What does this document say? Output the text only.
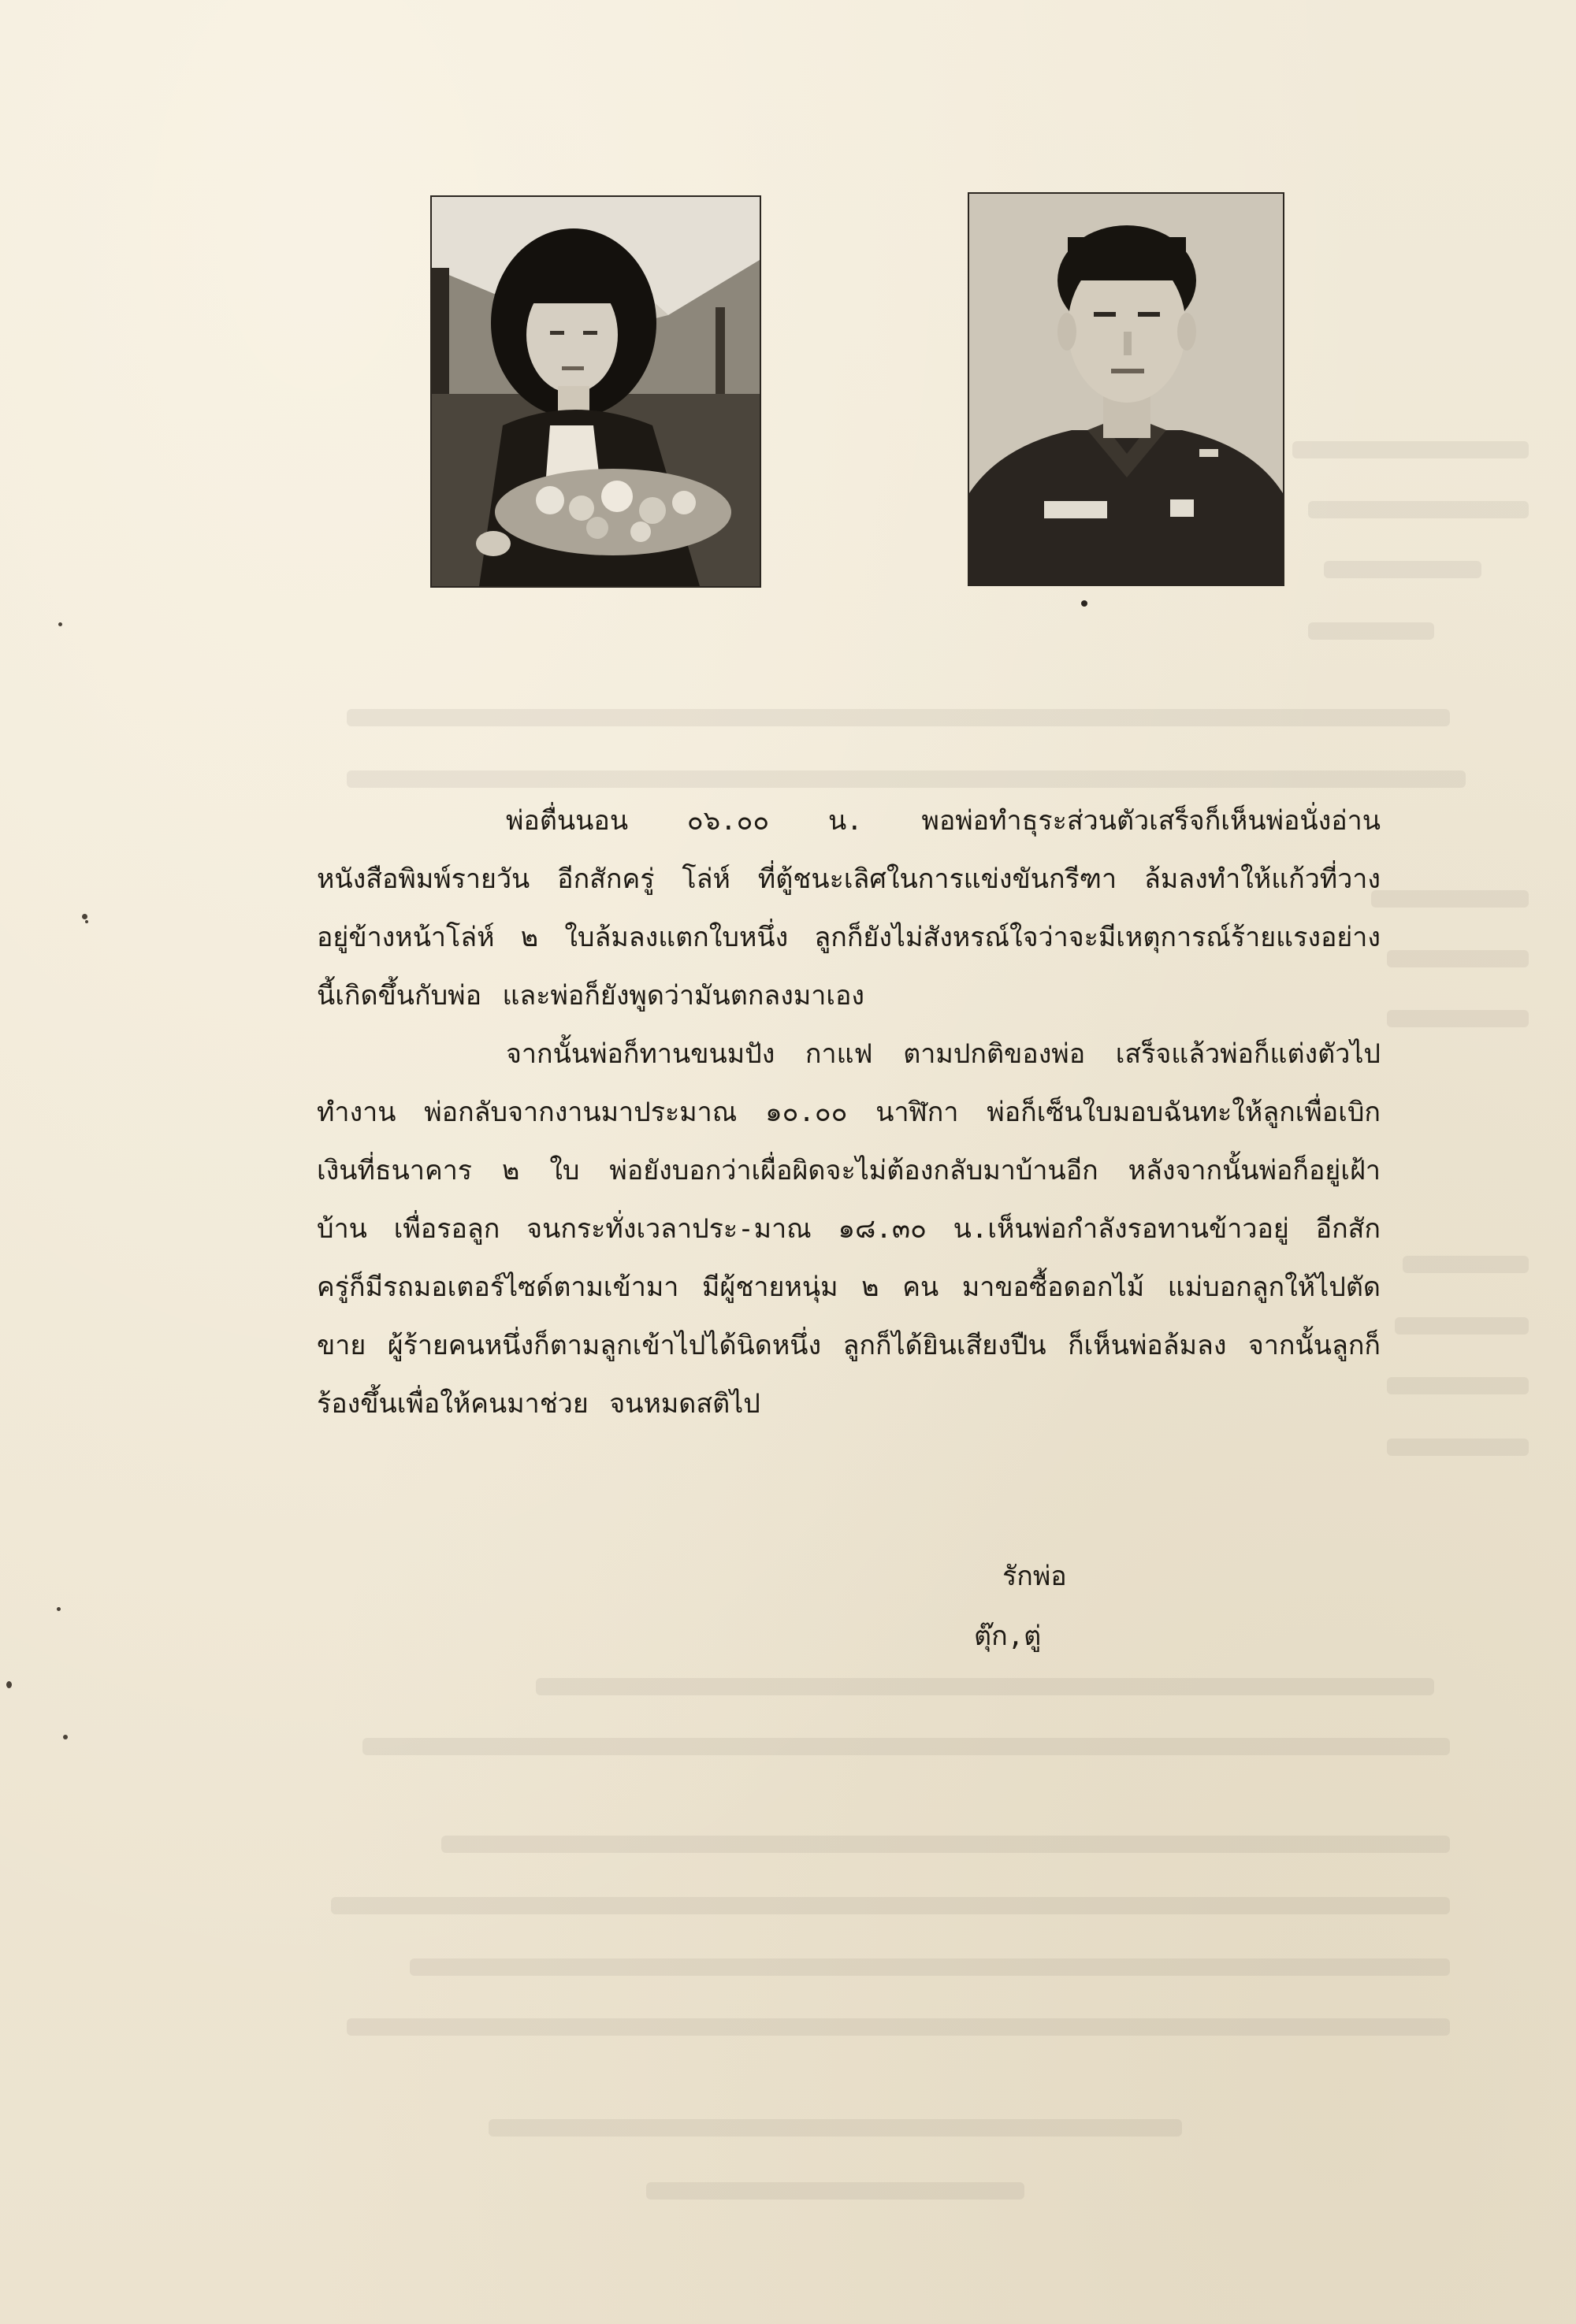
พ่อตื่นนอน ๐๖.๐๐ น. พอพ่อทำธุระส่วนตัวเสร็จก็เห็นพ่อนั่งอ่านหนังสือพิมพ์รายวัน อีกสักครู่ โล่ห์ ที่ตู้ชนะเลิศในการแข่งขันกรีฑา ล้มลงทำให้แก้วที่วางอยู่ข้างหน้าโล่ห์ ๒ ใบล้มลงแตกใบหนึ่ง ลูกก็ยังไม่สังหรณ์ใจว่าจะมีเหตุการณ์ร้ายแรงอย่างนี้เกิดขึ้นกับพ่อ และพ่อก็ยังพูดว่ามันตกลงมาเอง

จากนั้นพ่อก็ทานขนมปัง กาแฟ ตามปกติของพ่อ เสร็จแล้วพ่อก็แต่งตัวไปทำงาน พ่อกลับจากงานมาประมาณ ๑๐.๐๐ นาฬิกา พ่อก็เซ็นใบมอบฉันทะให้ลูกเพื่อเบิกเงินที่ธนาคาร ๒ ใบ พ่อยังบอกว่าเผื่อผิดจะไม่ต้องกลับมาบ้านอีก หลังจากนั้นพ่อก็อยู่เฝ้าบ้าน เพื่อรอลูก จนกระทั่งเวลาประ-มาณ ๑๘.๓๐ น.เห็นพ่อกำลังรอทานข้าวอยู่ อีกสักครู่ก็มีรถมอเตอร์ไซด์ตามเข้ามา มีผู้ชายหนุ่ม ๒ คน มาขอซื้อดอกไม้ แม่บอกลูกให้ไปตัดขาย ผู้ร้ายคนหนึ่งก็ตามลูกเข้าไปได้นิดหนึ่ง ลูกก็ได้ยินเสียงปืน ก็เห็นพ่อล้มลง จากนั้นลูกก็ร้องขึ้นเพื่อให้คนมาช่วย จนหมดสติไป

รักพ่อ
ตุ๊ก,ตู่
